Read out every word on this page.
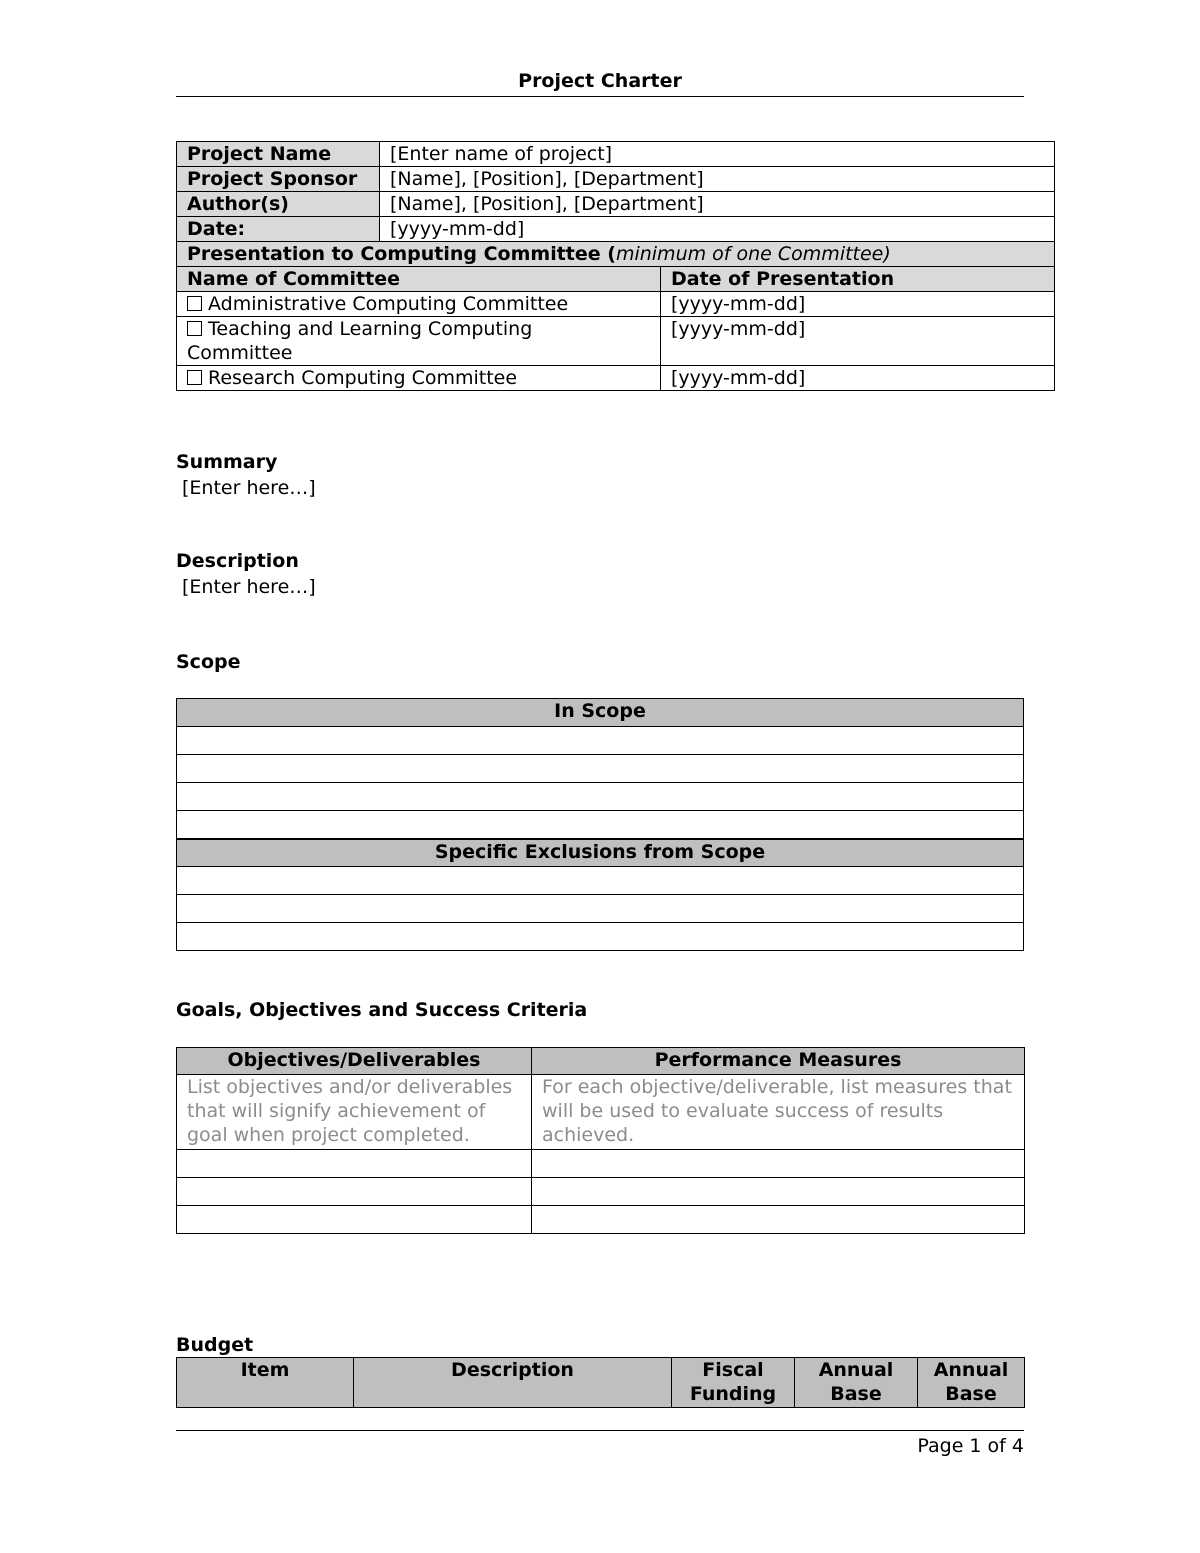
Project Charter
Project Name	[Enter name of project]	
Project Sponsor	[Name], [Position], [Department]	
Author(s)	[Name], [Position], [Department]	
Date:	[yyyy-mm-dd]	
Presentation to Computing Committee (minimum of one Committee)		
Name of Committee		Date of Presentation
Administrative Computing Committee		[yyyy-mm-dd]
Teaching and Learning Computing Committee		[yyyy-mm-dd]
Research Computing Committee		[yyyy-mm-dd]
Summary
[Enter here…]
Description
[Enter here…]
Scope
In Scope

Specific Exclusions from Scope

Goals, Objectives and Success Criteria
Objectives/Deliverables	Performance Measures
List objectives and/or deliverables that will signify achievement of goal when project completed.	For each objective/deliverable, list measures that will be used to evaluate success of results achieved.

Budget
Item	Description	Fiscal Funding	Annual Base	Annual Base
Page 1 of 4
